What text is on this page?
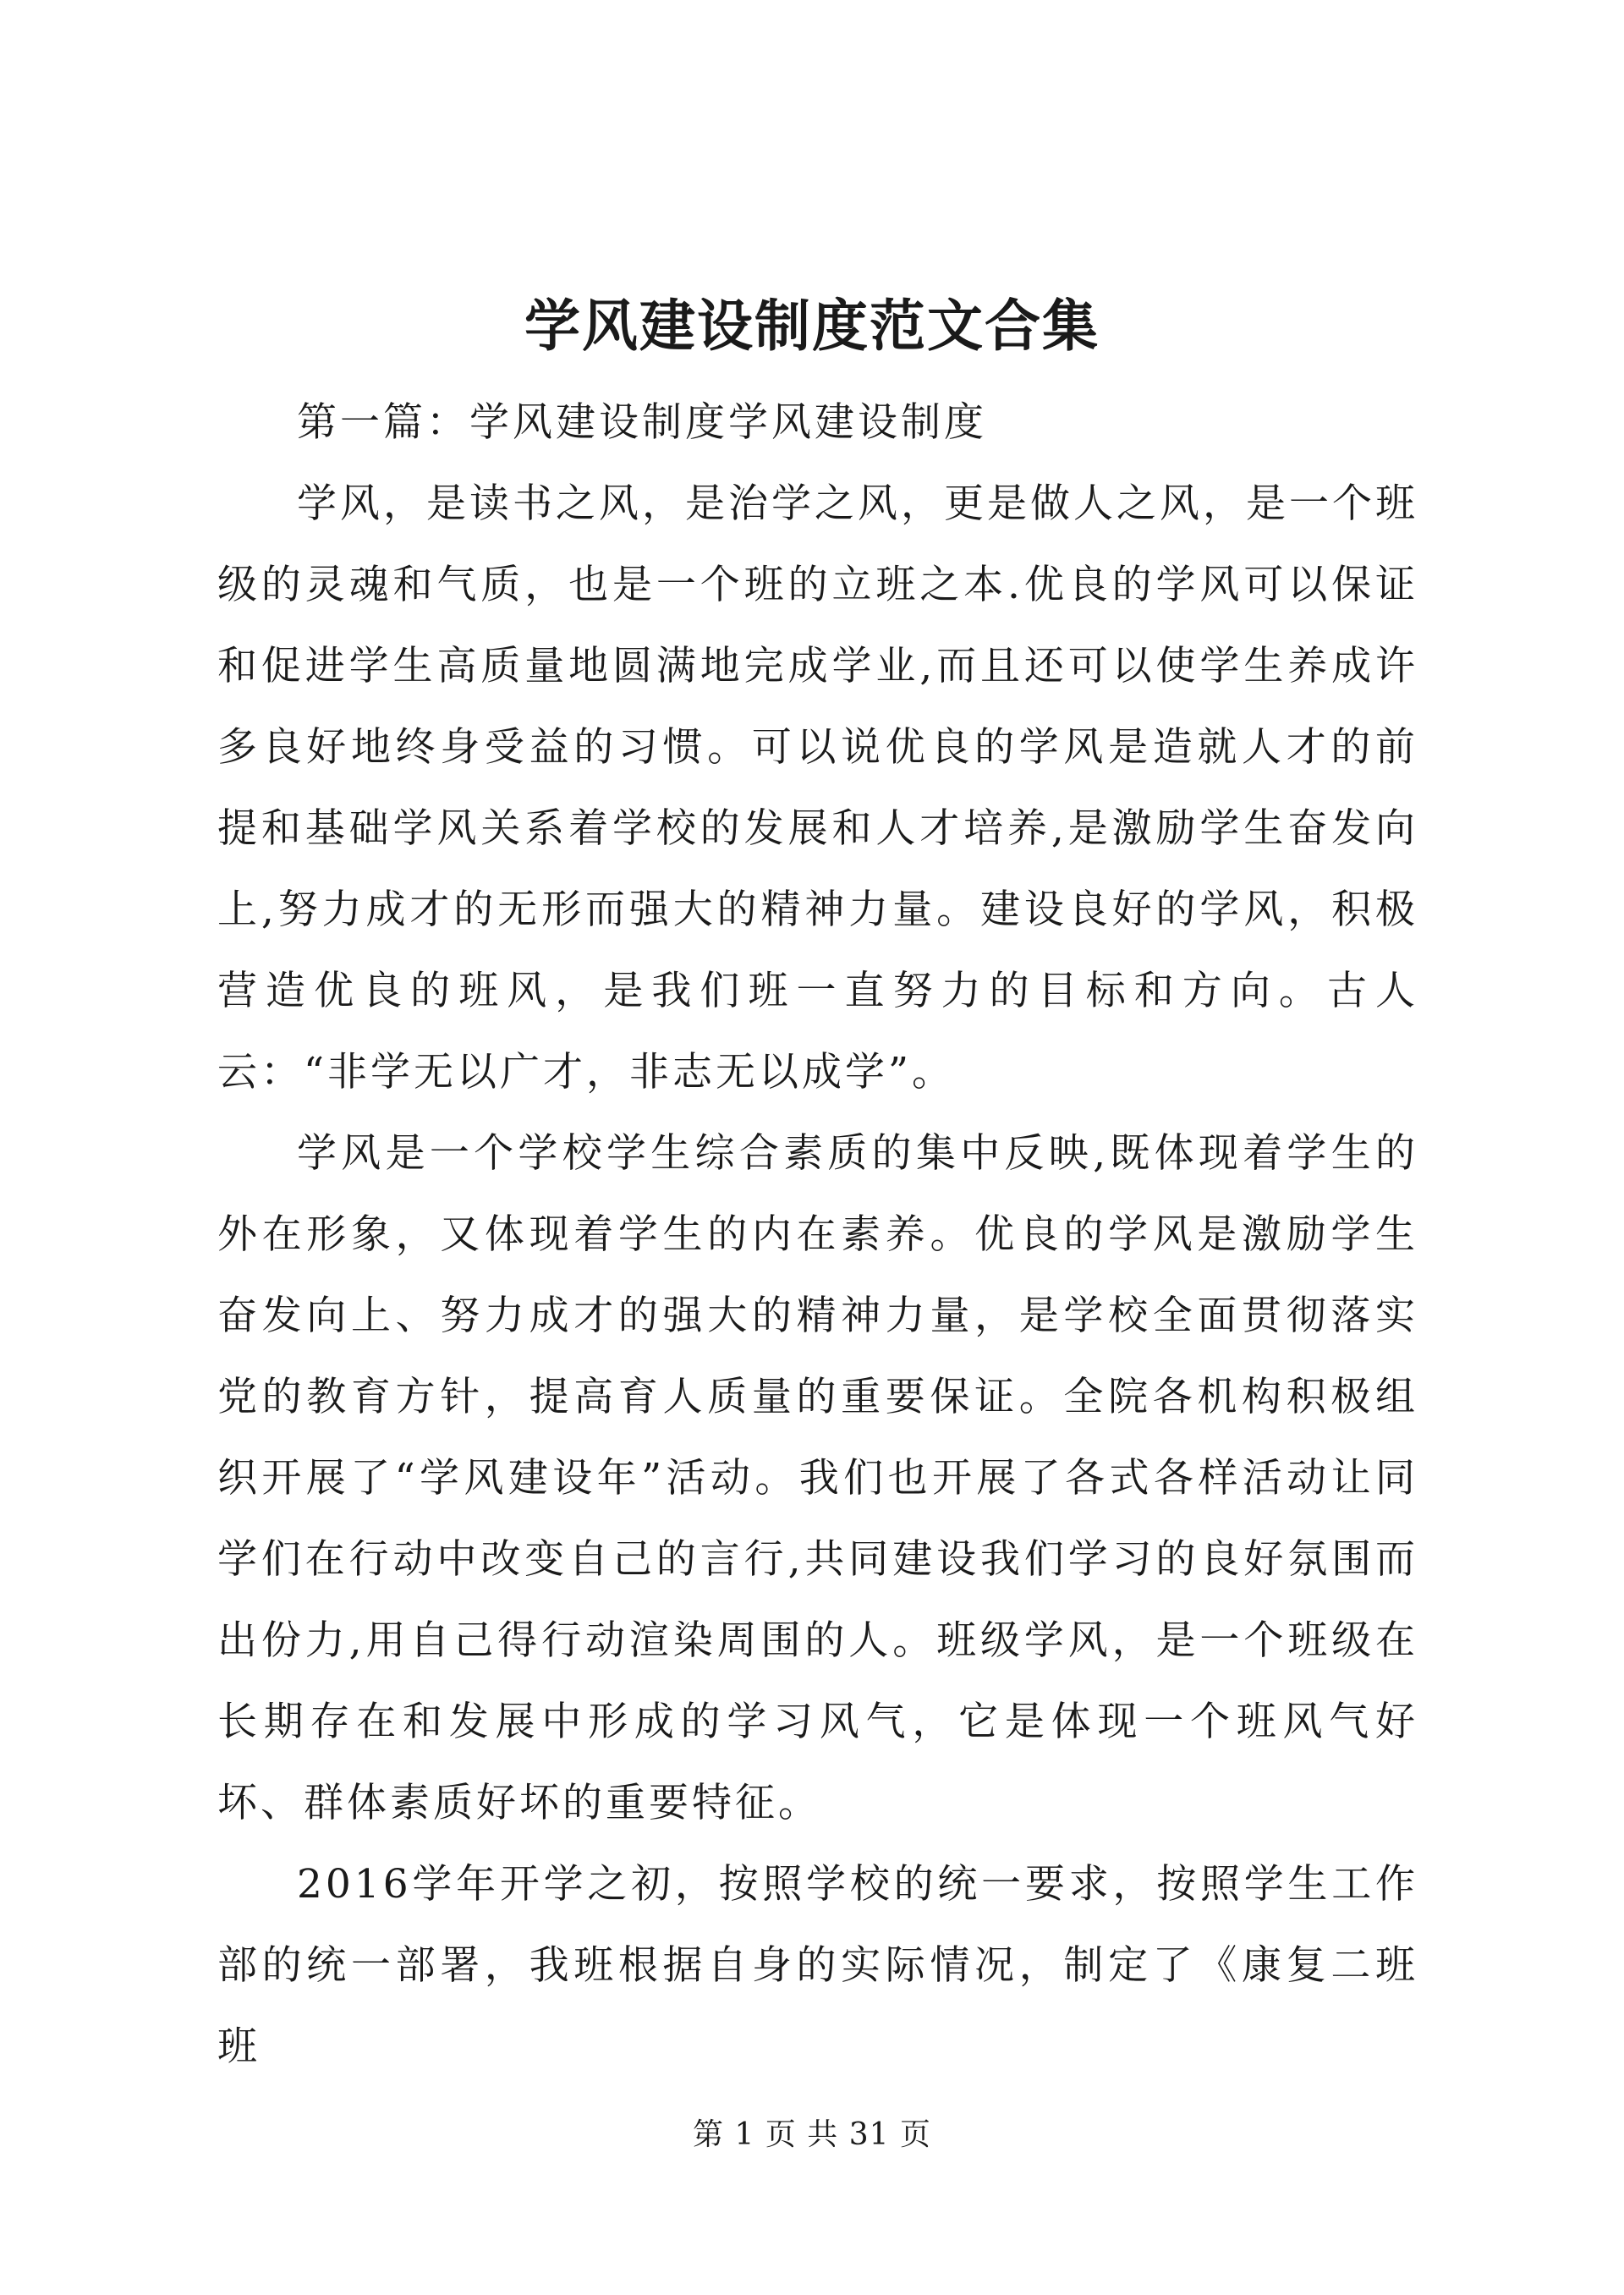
学风建设制度范文合集

第一篇：学风建设制度学风建设制度

学风，是读书之风，是治学之风，更是做人之风，是一个班级的灵魂和气质，也是一个班的立班之本.优良的学风可以保证和促进学生高质量地圆满地完成学业,而且还可以使学生养成许多良好地终身受益的习惯。可以说优良的学风是造就人才的前提和基础学风关系着学校的发展和人才培养,是激励学生奋发向上,努力成才的无形而强大的精神力量。建设良好的学风，积极营造优良的班风，是我们班一直努力的目标和方向。古人云：“非学无以广才，非志无以成学”。

学风是一个学校学生综合素质的集中反映,既体现着学生的外在形象，又体现着学生的内在素养。优良的学风是激励学生奋发向上、努力成才的强大的精神力量，是学校全面贯彻落实党的教育方针，提高育人质量的重要保证。全院各机构积极组织开展了“学风建设年”活动。我们也开展了各式各样活动让同学们在行动中改变自己的言行,共同建设我们学习的良好氛围而出份力,用自己得行动渲染周围的人。班级学风，是一个班级在长期存在和发展中形成的学习风气，它是体现一个班风气好坏、群体素质好坏的重要特征。

2016学年开学之初，按照学校的统一要求，按照学生工作部的统一部署，我班根据自身的实际情况，制定了《康复二班班

第 1 页 共 31 页
